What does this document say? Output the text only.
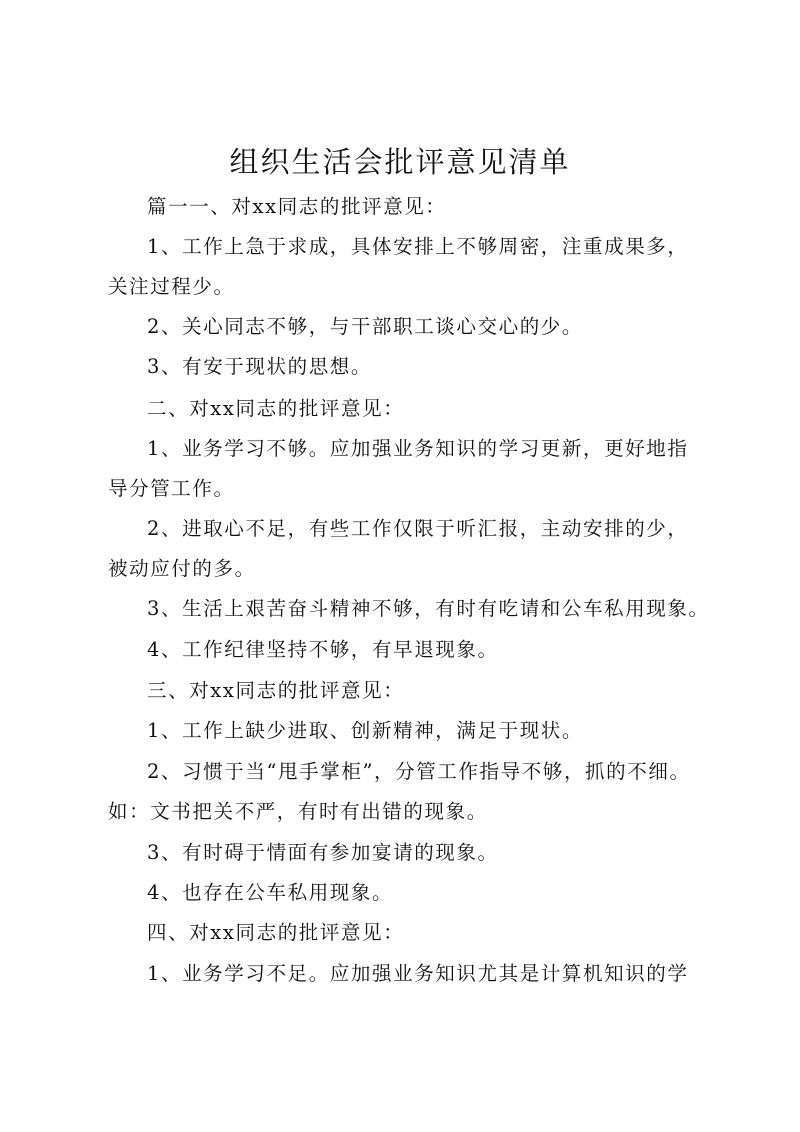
组织生活会批评意见清单
篇一一、对xx同志的批评意见：
1、工作上急于求成，具体安排上不够周密，注重成果多，
关注过程少。
2、关心同志不够，与干部职工谈心交心的少。
3、有安于现状的思想。
二、对xx同志的批评意见：
1、业务学习不够。应加强业务知识的学习更新，更好地指
导分管工作。
2、进取心不足，有些工作仅限于听汇报，主动安排的少，
被动应付的多。
3、生活上艰苦奋斗精神不够，有时有吃请和公车私用现象。
4、工作纪律坚持不够，有早退现象。
三、对xx同志的批评意见：
1、工作上缺少进取、创新精神，满足于现状。
2、习惯于当“甩手掌柜”，分管工作指导不够，抓的不细。
如：文书把关不严，有时有出错的现象。
3、有时碍于情面有参加宴请的现象。
4、也存在公车私用现象。
四、对xx同志的批评意见：
1、业务学习不足。应加强业务知识尤其是计算机知识的学
